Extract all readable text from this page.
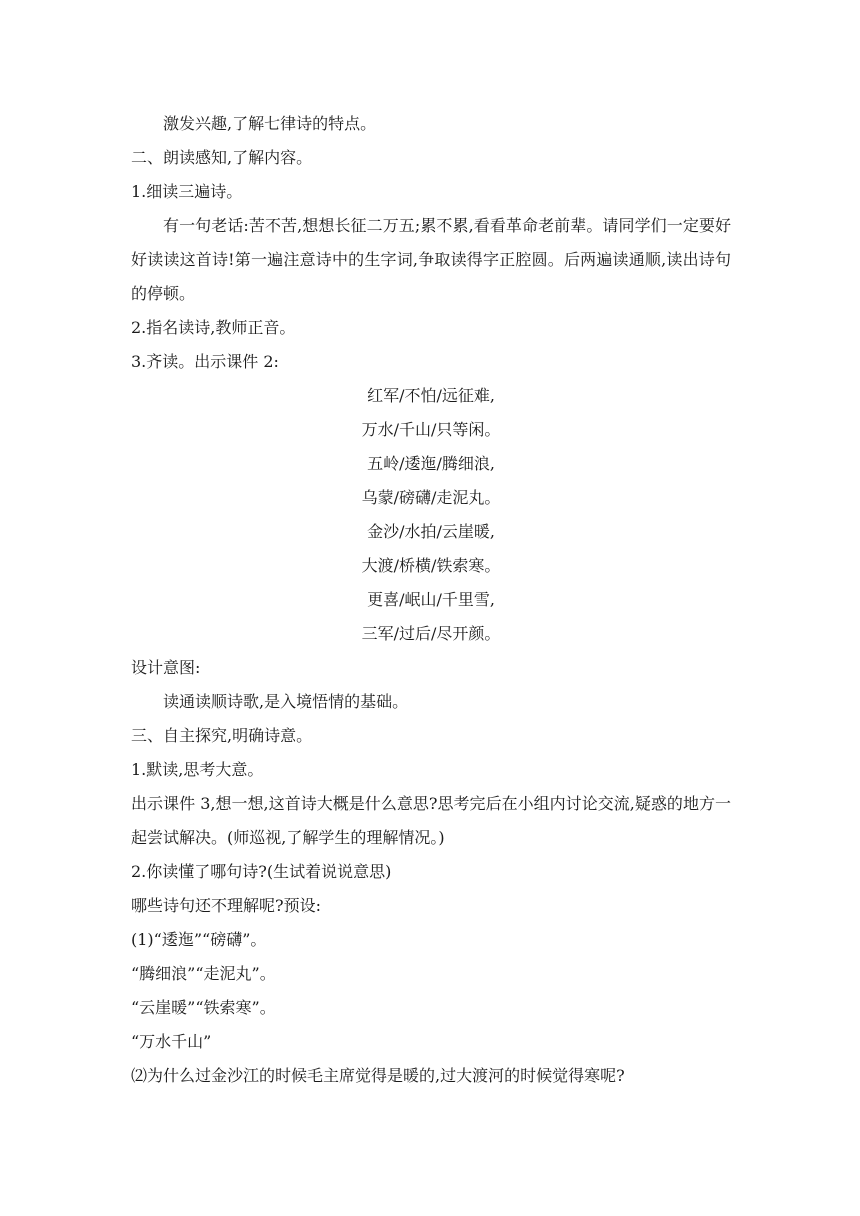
激发兴趣,了解七律诗的特点。
二、朗读感知,了解内容。
1.细读三遍诗。
有一句老话:苦不苦,想想长征二万五;累不累,看看革命老前辈。请同学们一定要好好读读这首诗!第一遍注意诗中的生字词,争取读得字正腔圆。后两遍读通顺,读出诗句的停顿。
2.指名读诗,教师正音。
3.齐读。出示课件 2:
红军/不怕/远征难,
万水/千山/只等闲。
五岭/逶迤/腾细浪,
乌蒙/磅礴/走泥丸。
金沙/水拍/云崖暖,
大渡/桥横/铁索寒。
更喜/岷山/千里雪,
三军/过后/尽开颜。
设计意图:
读通读顺诗歌,是入境悟情的基础。
三、自主探究,明确诗意。
1.默读,思考大意。
出示课件 3,想一想,这首诗大概是什么意思?思考完后在小组内讨论交流,疑惑的地方一起尝试解决。(师巡视,了解学生的理解情况。)
2.你读懂了哪句诗?(生试着说说意思)
哪些诗句还不理解呢?预设:
(1)“逶迤”“磅礴”。
“腾细浪”“走泥丸”。
“云崖暖”“铁索寒”。
“万水千山”
⑵为什么过金沙江的时候毛主席觉得是暖的,过大渡河的时候觉得寒呢?
